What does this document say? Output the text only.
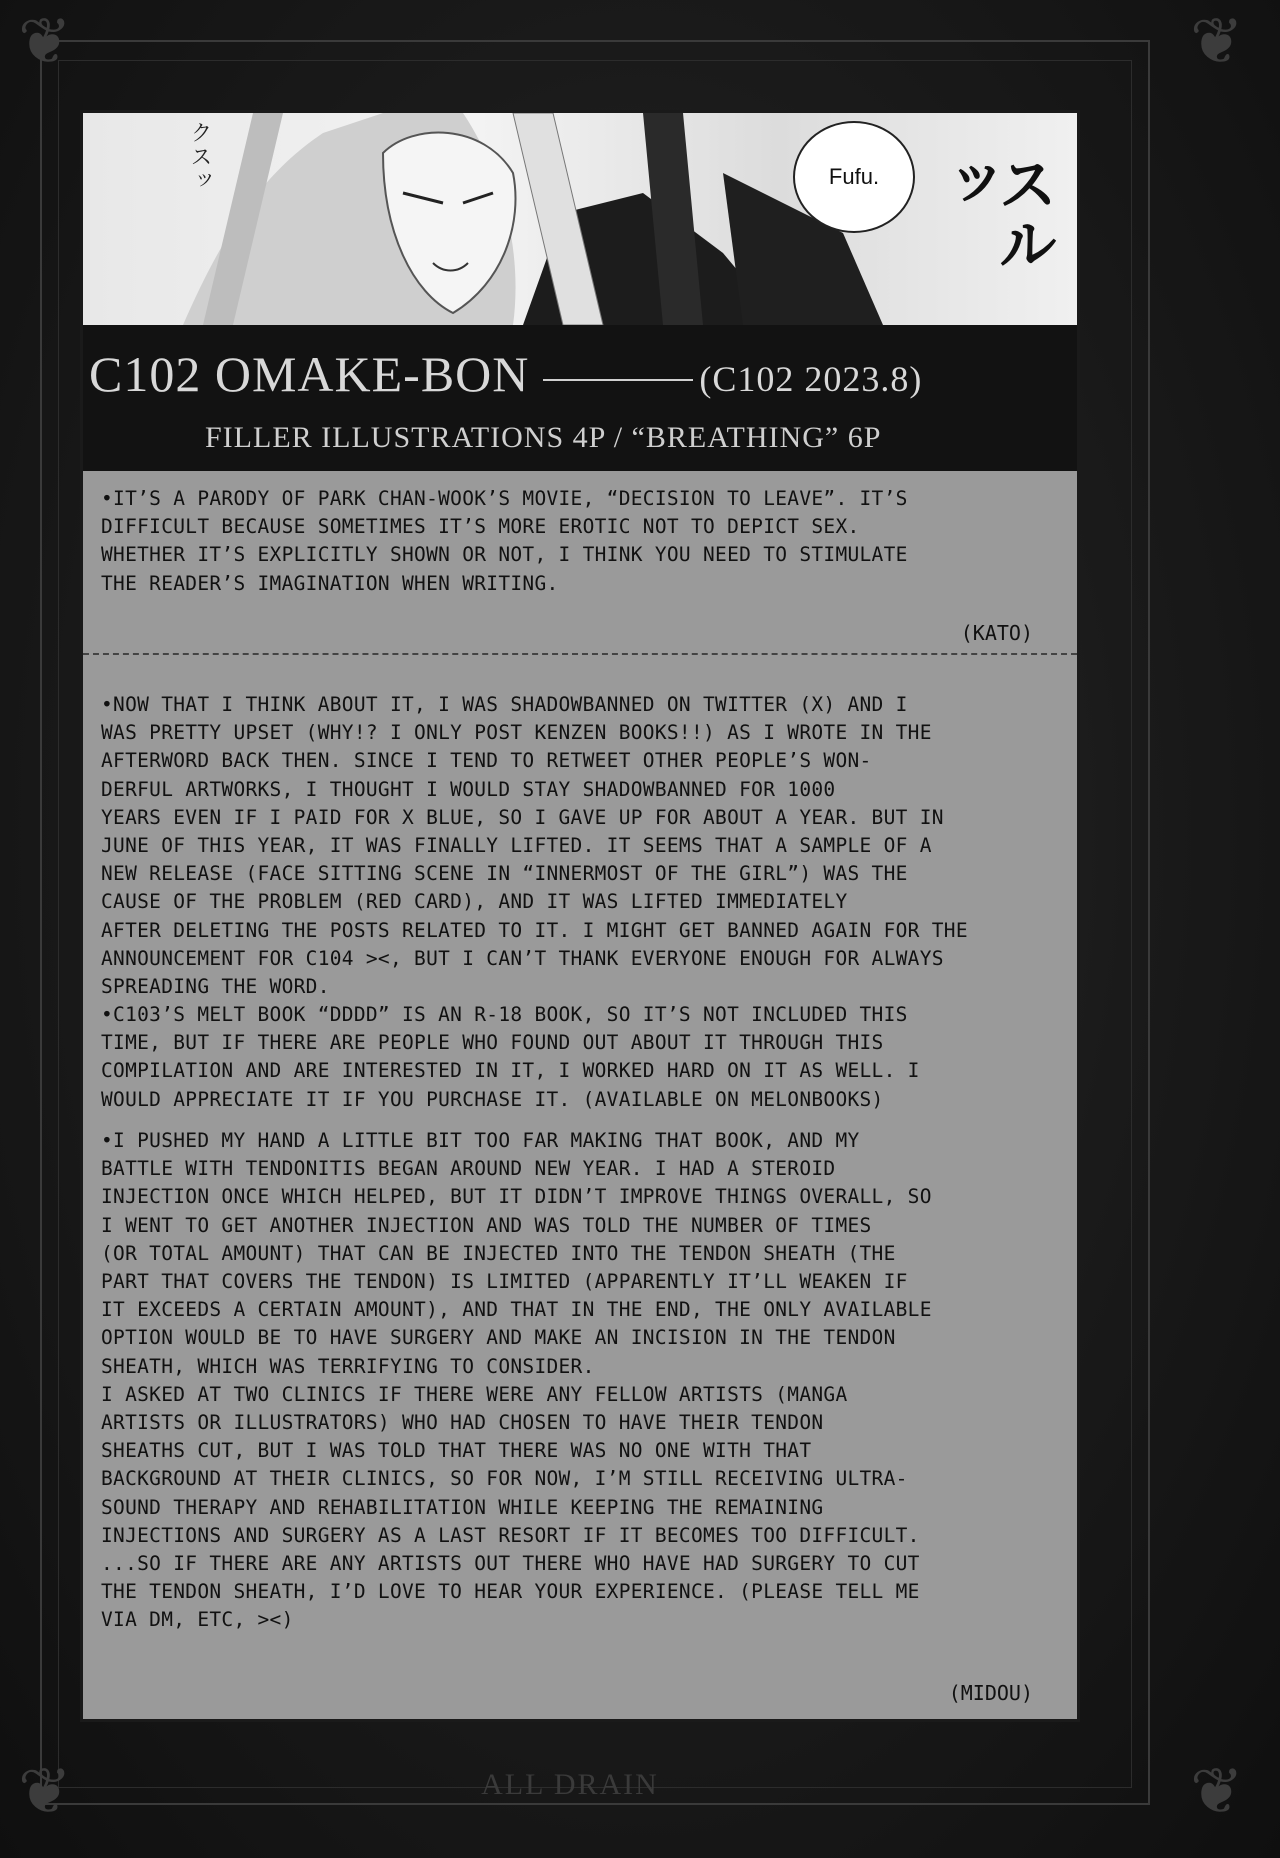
❦	❦
❦	❦
クスッ	Fufu.	スルッ
C102 OMAKE-BON	(C102 2023.8)
FILLER ILLUSTRATIONS 4P / “BREATHING” 6P

•IT’S A PARODY OF PARK CHAN-WOOK’S MOVIE, “DECISION TO LEAVE”. IT’S
DIFFICULT BECAUSE SOMETIMES IT’S MORE EROTIC NOT TO DEPICT SEX.
WHETHER IT’S EXPLICITLY SHOWN OR NOT, I THINK YOU NEED TO STIMULATE
THE READER’S IMAGINATION WHEN WRITING.

(KATO)

•NOW THAT I THINK ABOUT IT, I WAS SHADOWBANNED ON TWITTER (X) AND I
WAS PRETTY UPSET (WHY!? I ONLY POST KENZEN BOOKS!!) AS I WROTE IN THE
AFTERWORD BACK THEN. SINCE I TEND TO RETWEET OTHER PEOPLE’S WON-
DERFUL ARTWORKS, I THOUGHT I WOULD STAY SHADOWBANNED FOR 1000
YEARS EVEN IF I PAID FOR X BLUE, SO I GAVE UP FOR ABOUT A YEAR. BUT IN
JUNE OF THIS YEAR, IT WAS FINALLY LIFTED. IT SEEMS THAT A SAMPLE OF A
NEW RELEASE (FACE SITTING SCENE IN “INNERMOST OF THE GIRL”) WAS THE
CAUSE OF THE PROBLEM (RED CARD), AND IT WAS LIFTED IMMEDIATELY
AFTER DELETING THE POSTS RELATED TO IT. I MIGHT GET BANNED AGAIN FOR THE
ANNOUNCEMENT FOR C104 ><, BUT I CAN’T THANK EVERYONE ENOUGH FOR ALWAYS
SPREADING THE WORD.

•C103’S MELT BOOK “DDDD” IS AN R-18 BOOK, SO IT’S NOT INCLUDED THIS
TIME, BUT IF THERE ARE PEOPLE WHO FOUND OUT ABOUT IT THROUGH THIS
COMPILATION AND ARE INTERESTED IN IT, I WORKED HARD ON IT AS WELL. I
WOULD APPRECIATE IT IF YOU PURCHASE IT. (AVAILABLE ON MELONBOOKS)

•I PUSHED MY HAND A LITTLE BIT TOO FAR MAKING THAT BOOK, AND MY
BATTLE WITH TENDONITIS BEGAN AROUND NEW YEAR. I HAD A STEROID
INJECTION ONCE WHICH HELPED, BUT IT DIDN’T IMPROVE THINGS OVERALL, SO
I WENT TO GET ANOTHER INJECTION AND WAS TOLD THE NUMBER OF TIMES
(OR TOTAL AMOUNT) THAT CAN BE INJECTED INTO THE TENDON SHEATH (THE
PART THAT COVERS THE TENDON) IS LIMITED (APPARENTLY IT’LL WEAKEN IF
IT EXCEEDS A CERTAIN AMOUNT), AND THAT IN THE END, THE ONLY AVAILABLE
OPTION WOULD BE TO HAVE SURGERY AND MAKE AN INCISION IN THE TENDON
SHEATH, WHICH WAS TERRIFYING TO CONSIDER.
I ASKED AT TWO CLINICS IF THERE WERE ANY FELLOW ARTISTS (MANGA
ARTISTS OR ILLUSTRATORS) WHO HAD CHOSEN TO HAVE THEIR TENDON
SHEATHS CUT, BUT I WAS TOLD THAT THERE WAS NO ONE WITH THAT
BACKGROUND AT THEIR CLINICS, SO FOR NOW, I’M STILL RECEIVING ULTRA-
SOUND THERAPY AND REHABILITATION WHILE KEEPING THE REMAINING
INJECTIONS AND SURGERY AS A LAST RESORT IF IT BECOMES TOO DIFFICULT.
...SO IF THERE ARE ANY ARTISTS OUT THERE WHO HAVE HAD SURGERY TO CUT
THE TENDON SHEATH, I’D LOVE TO HEAR YOUR EXPERIENCE. (PLEASE TELL ME
VIA DM, ETC, ><)

(MIDOU)
ALL DRAIN
